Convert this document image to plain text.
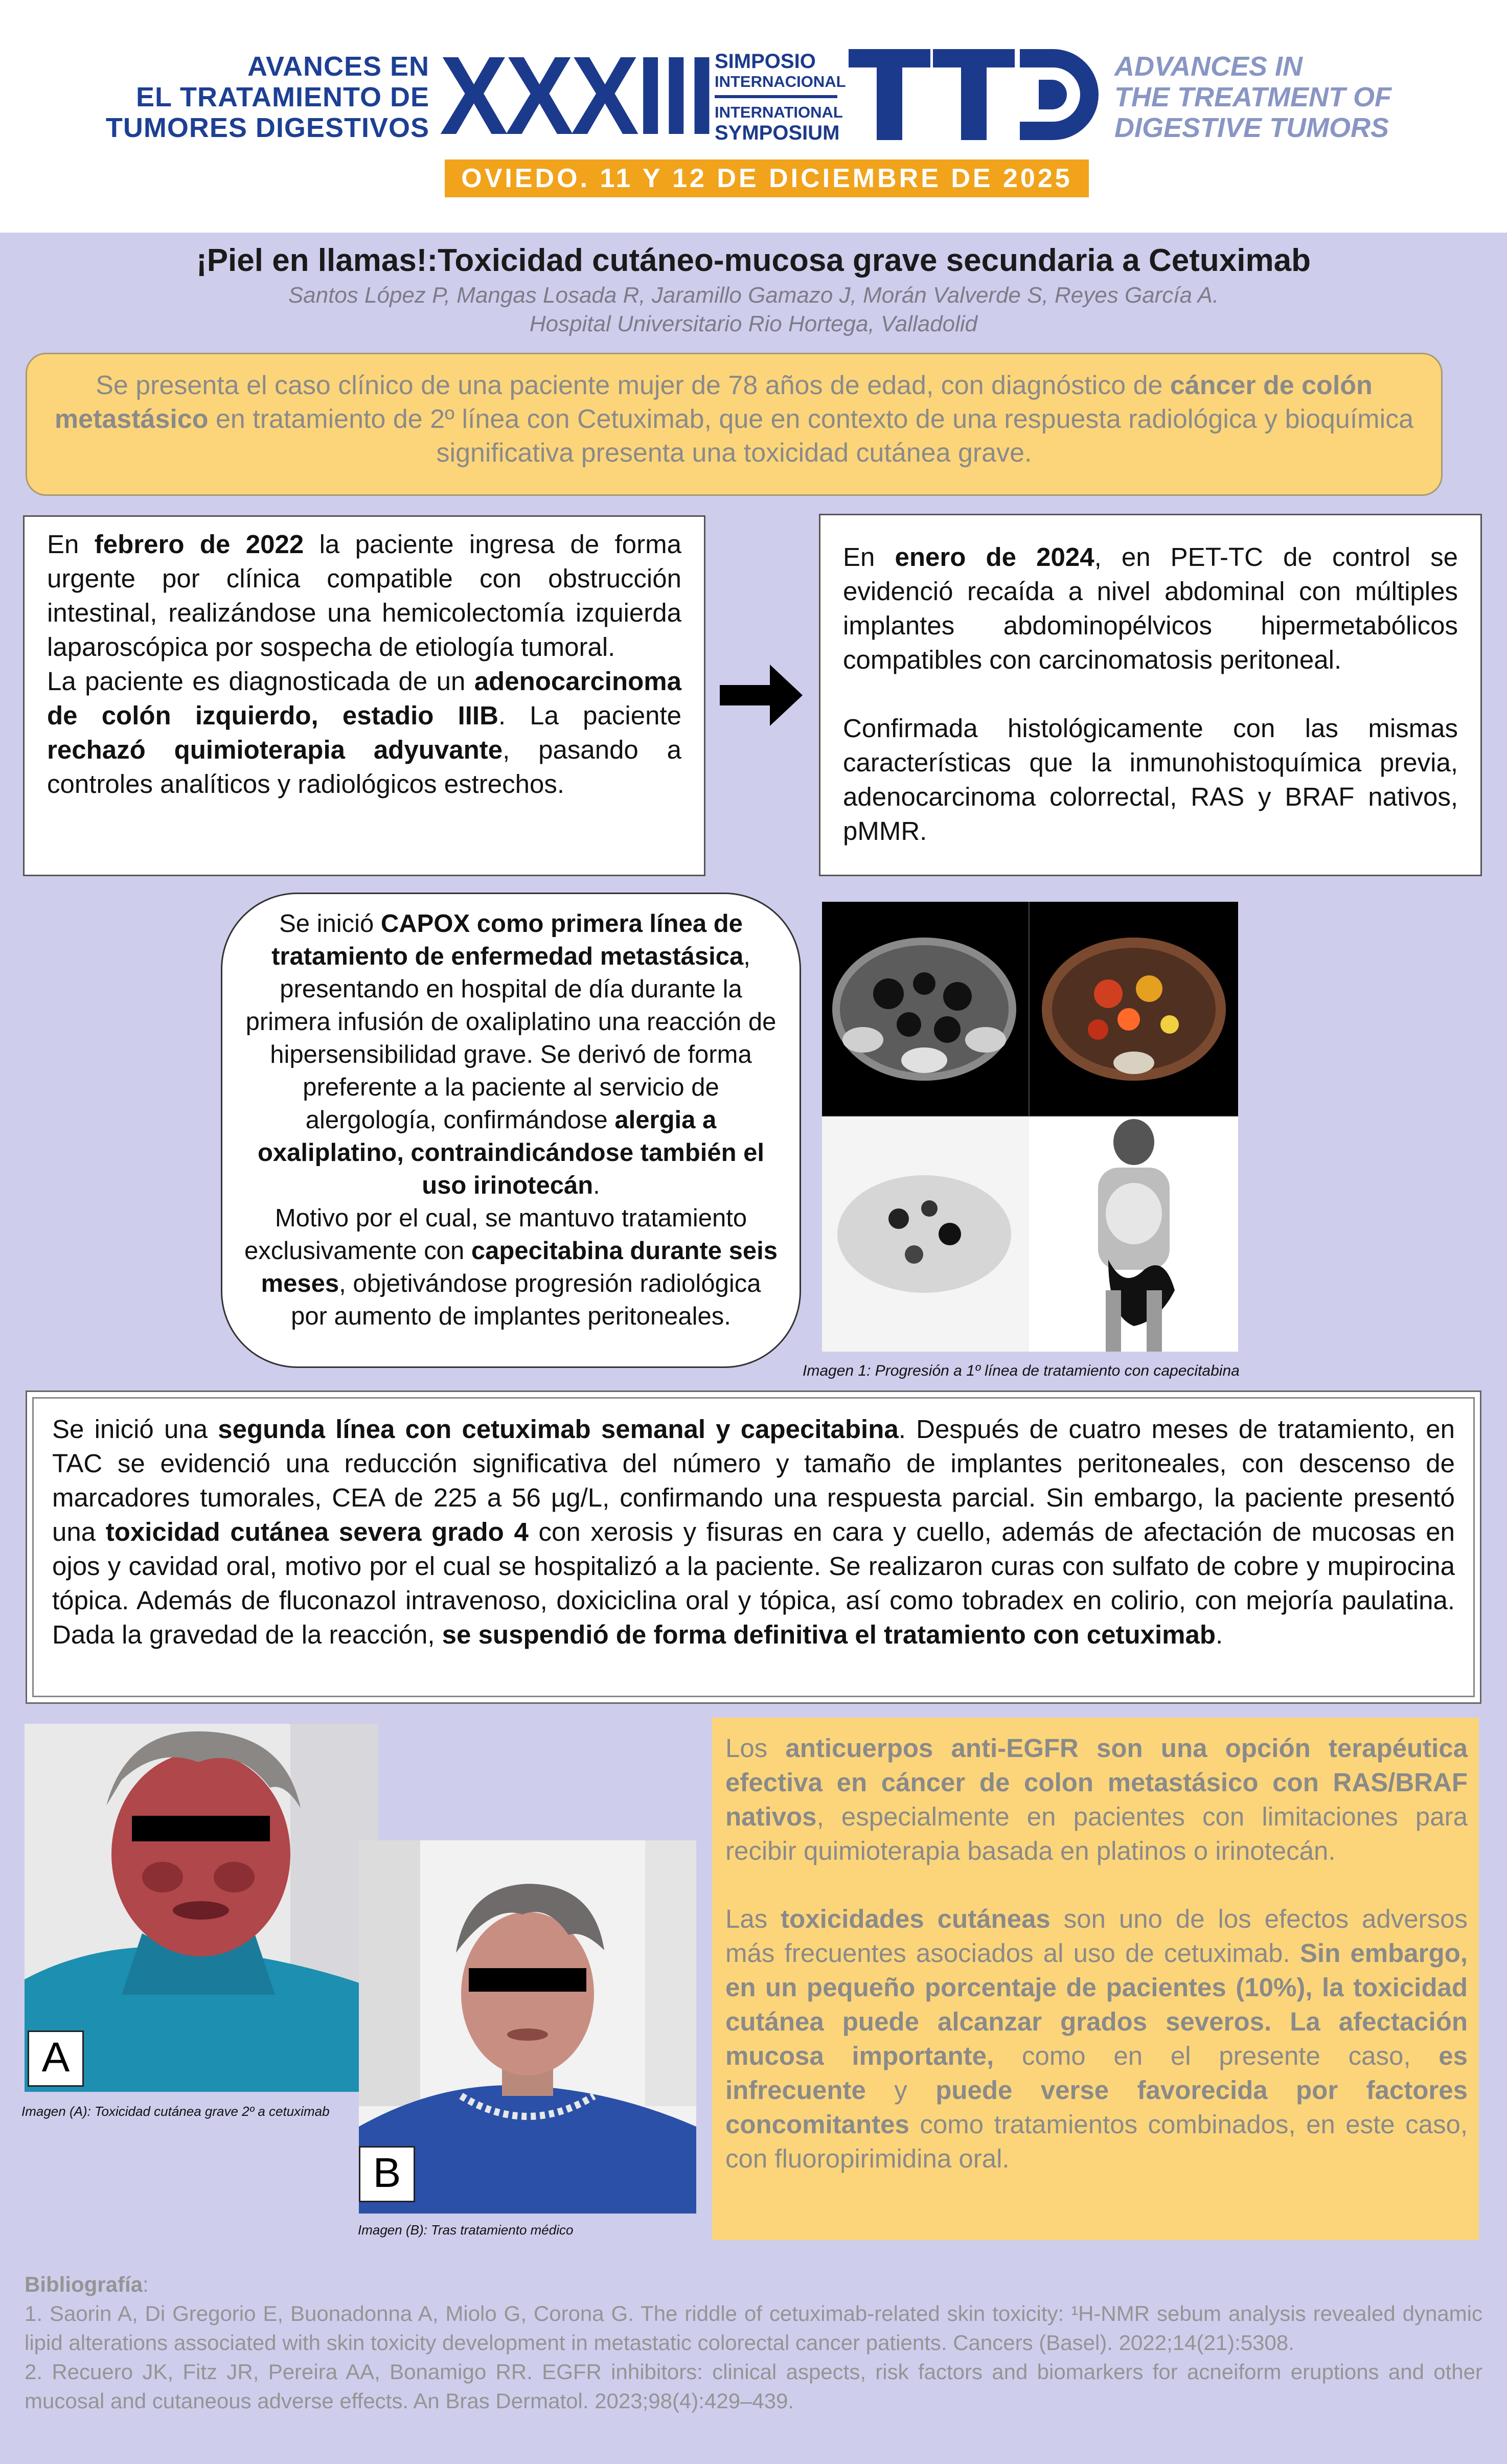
AVANCES EN
EL TRATAMIENTO DE
TUMORES DIGESTIVOS XXXIII SIMPOSIO
INTERNACIONAL
INTERNATIONAL
SYMPOSIUM
ADVANCES IN
THE TREATMENT OF
DIGESTIVE TUMORS
OVIEDO. 11 Y 12 DE DICIEMBRE DE 2025
¡Piel en llamas!:Toxicidad cutáneo-mucosa grave secundaria a Cetuximab
Santos López P, Mangas Losada R, Jaramillo Gamazo J, Morán Valverde S, Reyes García A.
Hospital Universitario Rio Hortega, Valladolid
Se presenta el caso clínico de una paciente mujer de 78 años de edad, con diagnóstico de cáncer de colón metastásico en tratamiento de 2º línea con Cetuximab, que en contexto de una respuesta radiológica y bioquímica significativa presenta una toxicidad cutánea grave.

En febrero de 2022 la paciente ingresa de forma urgente por clínica compatible con obstrucción intestinal, realizándose una hemicolectomía izquierda laparoscópica por sospecha de etiología tumoral.

La paciente es diagnosticada de un adenocarcinoma de colón izquierdo, estadio IIIB. La paciente rechazó quimioterapia adyuvante, pasando a controles analíticos y radiológicos estrechos.

En enero de 2024, en PET-TC de control se evidenció recaída a nivel abdominal con múltiples implantes abdominopélvicos hipermetabólicos compatibles con carcinomatosis peritoneal.

Confirmada histológicamente con las mismas características que la inmunohistoquímica previa, adenocarcinoma colorrectal, RAS y BRAF nativos, pMMR.

Se inició CAPOX como primera línea de tratamiento de enfermedad metastásica, presentando en hospital de día durante la primera infusión de oxaliplatino una reacción de hipersensibilidad grave. Se derivó de forma preferente a la paciente al servicio de alergología, confirmándose alergia a oxaliplatino, contraindicándose también el uso irinotecán.

Motivo por el cual, se mantuvo tratamiento exclusivamente con capecitabina durante seis meses, objetivándose progresión radiológica por aumento de implantes peritoneales.

Imagen 1: Progresión a 1º línea de tratamiento con capecitabina
Se inició una segunda línea con cetuximab semanal y capecitabina. Después de cuatro meses de tratamiento, en TAC se evidenció una reducción significativa del número y tamaño de implantes peritoneales, con descenso de marcadores tumorales, CEA de 225 a 56 µg/L, confirmando una respuesta parcial. Sin embargo, la paciente presentó una toxicidad cutánea severa grado 4 con xerosis y fisuras en cara y cuello, además de afectación de mucosas en ojos y cavidad oral, motivo por el cual se hospitalizó a la paciente. Se realizaron curas con sulfato de cobre y mupirocina tópica. Además de fluconazol intravenoso, doxiciclina oral y tópica, así como tobradex en colirio, con mejoría paulatina. Dada la gravedad de la reacción, se suspendió de forma definitiva el tratamiento con cetuximab.
A
Imagen (A): Toxicidad cutánea grave 2º a cetuximab
B
Imagen (B): Tras tratamiento médico

Los anticuerpos anti-EGFR son una opción terapéutica efectiva en cáncer de colon metastásico con RAS/BRAF nativos, especialmente en pacientes con limitaciones para recibir quimioterapia basada en platinos o irinotecán.

Las toxicidades cutáneas son uno de los efectos adversos más frecuentes asociados al uso de cetuximab. Sin embargo, en un pequeño porcentaje de pacientes (10%), la toxicidad cutánea puede alcanzar grados severos. La afectación mucosa importante, como en el presente caso, es infrecuente y puede verse favorecida por factores concomitantes como tratamientos combinados, en este caso, con fluoropirimidina oral.

Bibliografía:
1. Saorin A, Di Gregorio E, Buonadonna A, Miolo G, Corona G. The riddle of cetuximab-related skin toxicity: ¹H-NMR sebum analysis revealed dynamic lipid alterations associated with skin toxicity development in metastatic colorectal cancer patients. Cancers (Basel). 2022;14(21):5308.
2. Recuero JK, Fitz JR, Pereira AA, Bonamigo RR. EGFR inhibitors: clinical aspects, risk factors and biomarkers for acneiform eruptions and other mucosal and cutaneous adverse effects. An Bras Dermatol. 2023;98(4):429–439.
